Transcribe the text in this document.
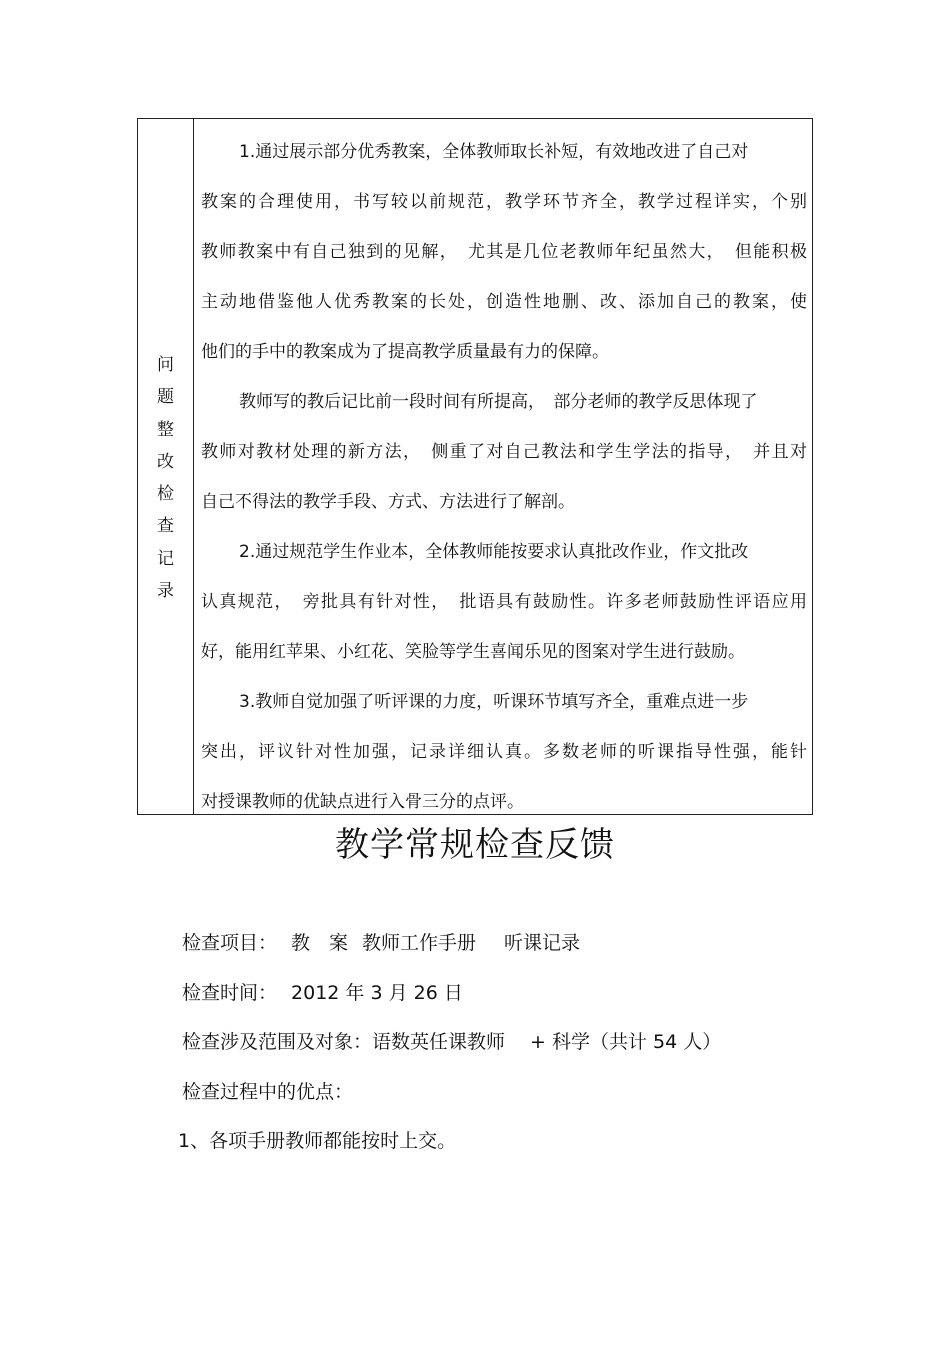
问
题
整
改
检
查
记
录
1.通过展示部分优秀教案，全体教师取长补短，有效地改进了自己对
教案的合理使用，书写较以前规范，教学环节齐全，教学过程详实，个别
教师教案中有自己独到的见解，　尤其是几位老教师年纪虽然大，　但能积极
主动地借鉴他人优秀教案的长处，创造性地删、改、添加自己的教案，使
他们的手中的教案成为了提高教学质量最有力的保障。
教师写的教后记比前一段时间有所提高，　部分老师的教学反思体现了
教师对教材处理的新方法，　侧重了对自己教法和学生学法的指导，　并且对
自己不得法的教学手段、方式、方法进行了解剖。
2.通过规范学生作业本，全体教师能按要求认真批改作业，作文批改
认真规范，　旁批具有针对性，　批语具有鼓励性。许多老师鼓励性评语应用
好，能用红苹果、小红花、笑脸等学生喜闻乐见的图案对学生进行鼓励。
3.教师自觉加强了听评课的力度，听课环节填写齐全，重难点进一步
突出，评议针对性加强，记录详细认真。多数老师的听课指导性强，能针
对授课教师的优缺点进行入骨三分的点评。
教学常规检查反馈
检查项目： 教　案 教师工作手册 听课记录
检查时间： 2012 年 3 月 26 日
检查涉及范围及对象：语数英任课教师　 + 科学（共计 54 人）
检查过程中的优点：
1、各项手册教师都能按时上交。
